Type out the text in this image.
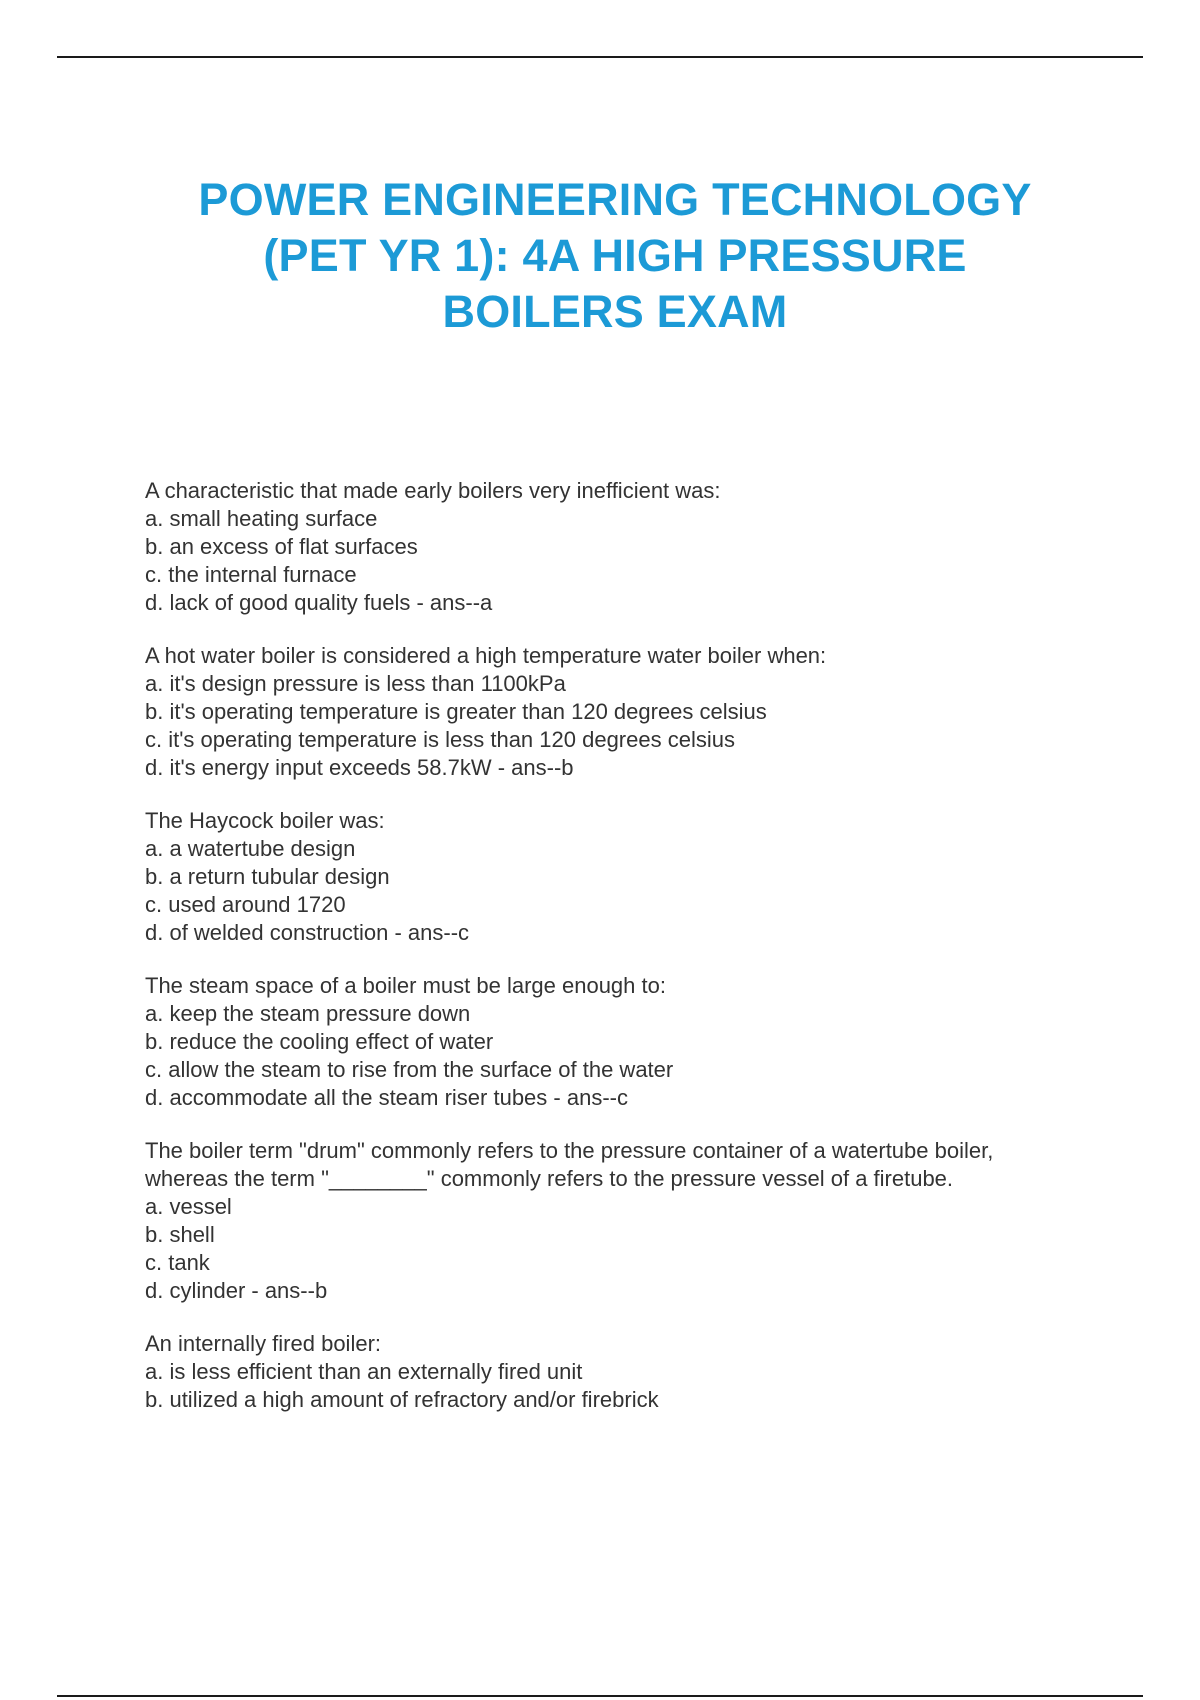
POWER ENGINEERING TECHNOLOGY
(PET YR 1): 4A HIGH PRESSURE
BOILERS EXAM
A characteristic that made early boilers very inefficient was:
a. small heating surface
b. an excess of flat surfaces
c. the internal furnace
d. lack of good quality fuels - ans--a
A hot water boiler is considered a high temperature water boiler when:
a. it's design pressure is less than 1100kPa
b. it's operating temperature is greater than 120 degrees celsius
c. it's operating temperature is less than 120 degrees celsius
d. it's energy input exceeds 58.7kW - ans--b
The Haycock boiler was:
a. a watertube design
b. a return tubular design
c. used around 1720
d. of welded construction - ans--c
The steam space of a boiler must be large enough to:
a. keep the steam pressure down
b. reduce the cooling effect of water
c. allow the steam to rise from the surface of the water
d. accommodate all the steam riser tubes - ans--c
The boiler term "drum" commonly refers to the pressure container of a watertube boiler,
whereas the term "________" commonly refers to the pressure vessel of a firetube.
a. vessel
b. shell
c. tank
d. cylinder - ans--b
An internally fired boiler:
a. is less efficient than an externally fired unit
b. utilized a high amount of refractory and/or firebrick
